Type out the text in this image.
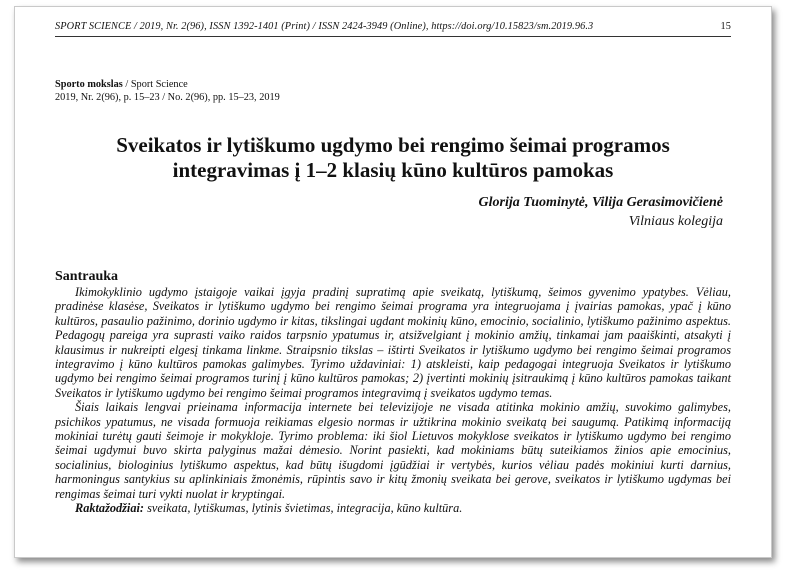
SPORT SCIENCE / 2019, Nr. 2(96), ISSN 1392-1401 (Print) / ISSN 2424-3949 (Online), https://doi.org/10.15823/sm.2019.96.3	15
Sporto mokslas / Sport Science
2019, Nr. 2(96), p. 15–23 / No. 2(96), pp. 15–23, 2019
Sveikatos ir lytiškumo ugdymo bei rengimo šeimai programos
integravimas į 1–2 klasių kūno kultūros pamokas
Glorija Tuominytė, Vilija Gerasimovičienė
Vilniaus kolegija
Santrauka

Ikimokyklinio ugdymo įstaigoje vaikai įgyja pradinį supratimą apie sveikatą, lytiškumą, šeimos gyvenimo ypatybes. Vėliau, pradinėse klasėse, Sveikatos ir lytiškumo ugdymo bei rengimo šeimai programa yra integruojama į įvairias pamokas, ypač į kūno kultūros, pasaulio pažinimo, dorinio ugdymo ir kitas, tikslingai ugdant mokinių kūno, emocinio, socialinio, lytiškumo pažinimo aspektus. Pedagogų pareiga yra suprasti vaiko raidos tarpsnio ypatumus ir, atsižvelgiant į mokinio amžių, tinkamai jam paaiškinti, atsakyti į klausimus ir nukreipti elgesį tinkama linkme. Straipsnio tikslas – ištirti Sveikatos ir lytiškumo ugdymo bei rengimo šeimai programos integravimo į kūno kultūros pamokas galimybes. Tyrimo uždaviniai: 1) atskleisti, kaip pedagogai integruoja Sveikatos ir lytiškumo ugdymo bei rengimo šeimai programos turinį į kūno kultūros pamokas; 2) įvertinti mokinių įsitraukimą į kūno kultūros pamokas taikant Sveikatos ir lytiškumo ugdymo bei rengimo šeimai programos integravimą į sveikatos ugdymo temas.

Šiais laikais lengvai prieinama informacija internete bei televizijoje ne visada atitinka mokinio amžių, suvokimo galimybes, psichikos ypatumus, ne visada formuoja reikiamas elgesio normas ir užtikrina mokinio sveikatą bei saugumą. Patikimą informaciją mokiniai turėtų gauti šeimoje ir mokykloje. Tyrimo problema: iki šiol Lietuvos mokyklose sveikatos ir lytiškumo ugdymo bei rengimo šeimai ugdymui buvo skirta palyginus mažai dėmesio. Norint pasiekti, kad mokiniams būtų suteikiamos žinios apie emocinius, socialinius, biologinius lytiškumo aspektus, kad būtų išugdomi įgūdžiai ir vertybės, kurios vėliau padės mokiniui kurti darnius, harmoningus santykius su aplinkiniais žmonėmis, rūpintis savo ir kitų žmonių sveikata bei gerove, sveikatos ir lytiškumo ugdymas bei rengimas šeimai turi vykti nuolat ir kryptingai.

Raktažodžiai: sveikata, lytiškumas, lytinis švietimas, integracija, kūno kultūra.
